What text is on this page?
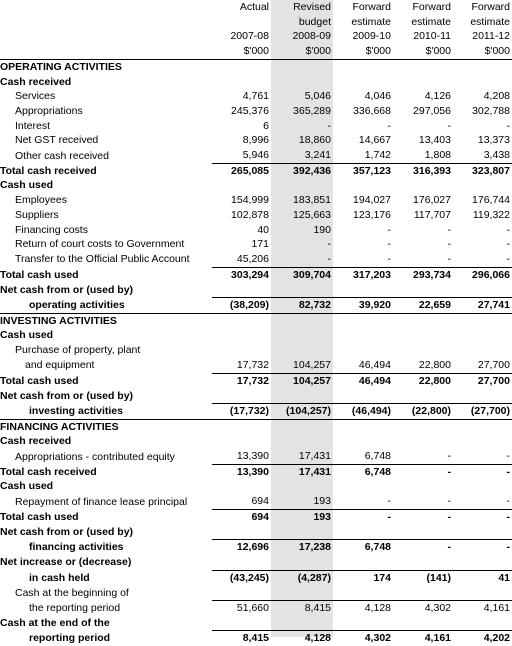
	Actual	Revised	Forward	Forward	Forward
		budget	estimate	estimate	estimate
	2007-08	2008-09	2009-10	2010-11	2011-12
	$'000	$'000	$'000	$'000	$'000
OPERATING ACTIVITIES					
Cash received					
Services	4,761	5,046	4,046	4,126	4,208
Appropriations	245,376	365,289	336,668	297,056	302,788
Interest	6	-	-	-	-
Net GST received	8,996	18,860	14,667	13,403	13,373
Other cash received	5,946	3,241	1,742	1,808	3,438
Total cash received	265,085	392,436	357,123	316,393	323,807
Cash used					
Employees	154,999	183,851	194,027	176,027	176,744
Suppliers	102,878	125,663	123,176	117,707	119,322
Financing costs	40	190	-	-	-
Return of court costs to Government	171	-	-	-	-
Transfer to the Official Public Account	45,206	-	-	-	-
Total cash used	303,294	309,704	317,203	293,734	296,066
Net cash from or (used by)					
operating activities	(38,209)	82,732	39,920	22,659	27,741
INVESTING ACTIVITIES					
Cash used					
Purchase of property, plant					
and equipment	17,732	104,257	46,494	22,800	27,700
Total cash used	17,732	104,257	46,494	22,800	27,700
Net cash from or (used by)					
investing activities	(17,732)	(104,257)	(46,494)	(22,800)	(27,700)
FINANCING ACTIVITIES					
Cash received					
Appropriations - contributed equity	13,390	17,431	6,748	-	-
Total cash received	13,390	17,431	6,748	-	-
Cash used					
Repayment of finance lease principal	694	193	-	-	-
Total cash used	694	193	-	-	-
Net cash from or (used by)					
financing activities	12,696	17,238	6,748	-	-
Net increase or (decrease)					
in cash held	(43,245)	(4,287)	174	(141)	41
Cash at the beginning of					
the reporting period	51,660	8,415	4,128	4,302	4,161
Cash at the end of the					
reporting period	8,415	4,128	4,302	4,161	4,202
